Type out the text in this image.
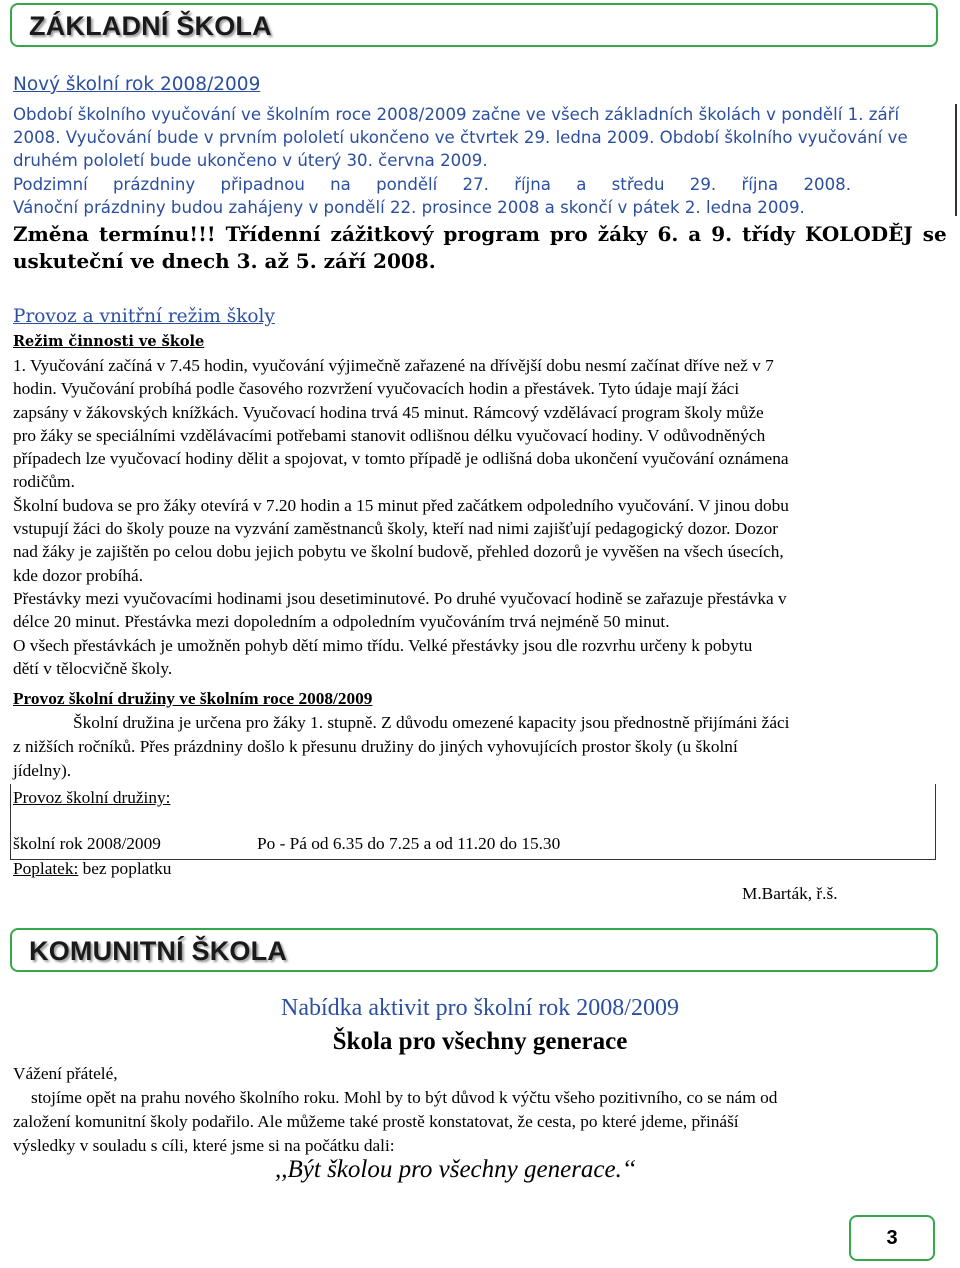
ZÁKLADNÍ ŠKOLA
Nový školní rok 2008/2009
Období školního vyučování ve školním roce 2008/2009 začne ve všech základních školách v pondělí 1. září
2008. Vyučování bude v prvním pololetí ukončeno ve čtvrtek 29. ledna 2009. Období školního vyučování ve
druhém pololetí bude ukončeno v úterý 30. června 2009.
Podzimní prázdniny připadnou na pondělí 27. října a středu 29. října 2008.
Vánoční prázdniny budou zahájeny v pondělí 22. prosince 2008 a skončí v pátek 2. ledna 2009.
Změna termínu!!! Třídenní zážitkový program pro žáky 6. a 9. třídy KOLODĚJ se
uskuteční ve dnech 3. až 5. září 2008.
Provoz a vnitřní režim školy
Režim činnosti ve škole
1. Vyučování začíná v 7.45 hodin, vyučování výjimečně zařazené na dřívější dobu nesmí začínat dříve než v 7
hodin. Vyučování probíhá podle časového rozvržení vyučovacích hodin a přestávek. Tyto údaje mají žáci
zapsány v žákovských knížkách. Vyučovací hodina trvá 45 minut. Rámcový vzdělávací program školy může
pro žáky se speciálními vzdělávacími potřebami stanovit odlišnou délku vyučovací hodiny. V odůvodněných
případech lze vyučovací hodiny dělit a spojovat, v tomto případě je odlišná doba ukončení vyučování oznámena
rodičům.
Školní budova se pro žáky otevírá v 7.20 hodin a 15 minut před začátkem odpoledního vyučování. V jinou dobu
vstupují žáci do školy pouze na vyzvání zaměstnanců školy, kteří nad nimi zajišťují pedagogický dozor. Dozor
nad žáky je zajištěn po celou dobu jejich pobytu ve školní budově, přehled dozorů je vyvěšen na všech úsecích,
kde dozor probíhá.
Přestávky mezi vyučovacími hodinami jsou desetiminutové. Po druhé vyučovací hodině se zařazuje přestávka v
délce 20 minut. Přestávka mezi dopoledním a odpoledním vyučováním trvá nejméně 50 minut.
O všech přestávkách je umožněn pohyb dětí mimo třídu. Velké přestávky jsou dle rozvrhu určeny k pobytu
dětí v tělocvičně školy.
Provoz školní družiny ve školním roce 2008/2009
Školní družina je určena pro žáky 1. stupně. Z důvodu omezené kapacity jsou přednostně přijímáni žáci
z nižších ročníků. Přes prázdniny došlo k přesunu družiny do jiných vyhovujících prostor školy (u školní
jídelny).
Provoz školní družiny:
školní rok 2008/2009	Po - Pá od 6.35 do 7.25 a od 11.20 do 15.30
Poplatek: bez poplatku
M.Barták, ř.š.
KOMUNITNÍ ŠKOLA
Nabídka aktivit pro školní rok 2008/2009
Škola pro všechny generace
Vážení přátelé,
stojíme opět na prahu nového školního roku. Mohl by to být důvod k výčtu všeho pozitivního, co se nám od
založení komunitní školy podařilo. Ale můžeme také prostě konstatovat, že cesta, po které jdeme, přináší
výsledky v souladu s cíli, které jsme si na počátku dali:
,,Být školou pro všechny generace.‘‘
3
